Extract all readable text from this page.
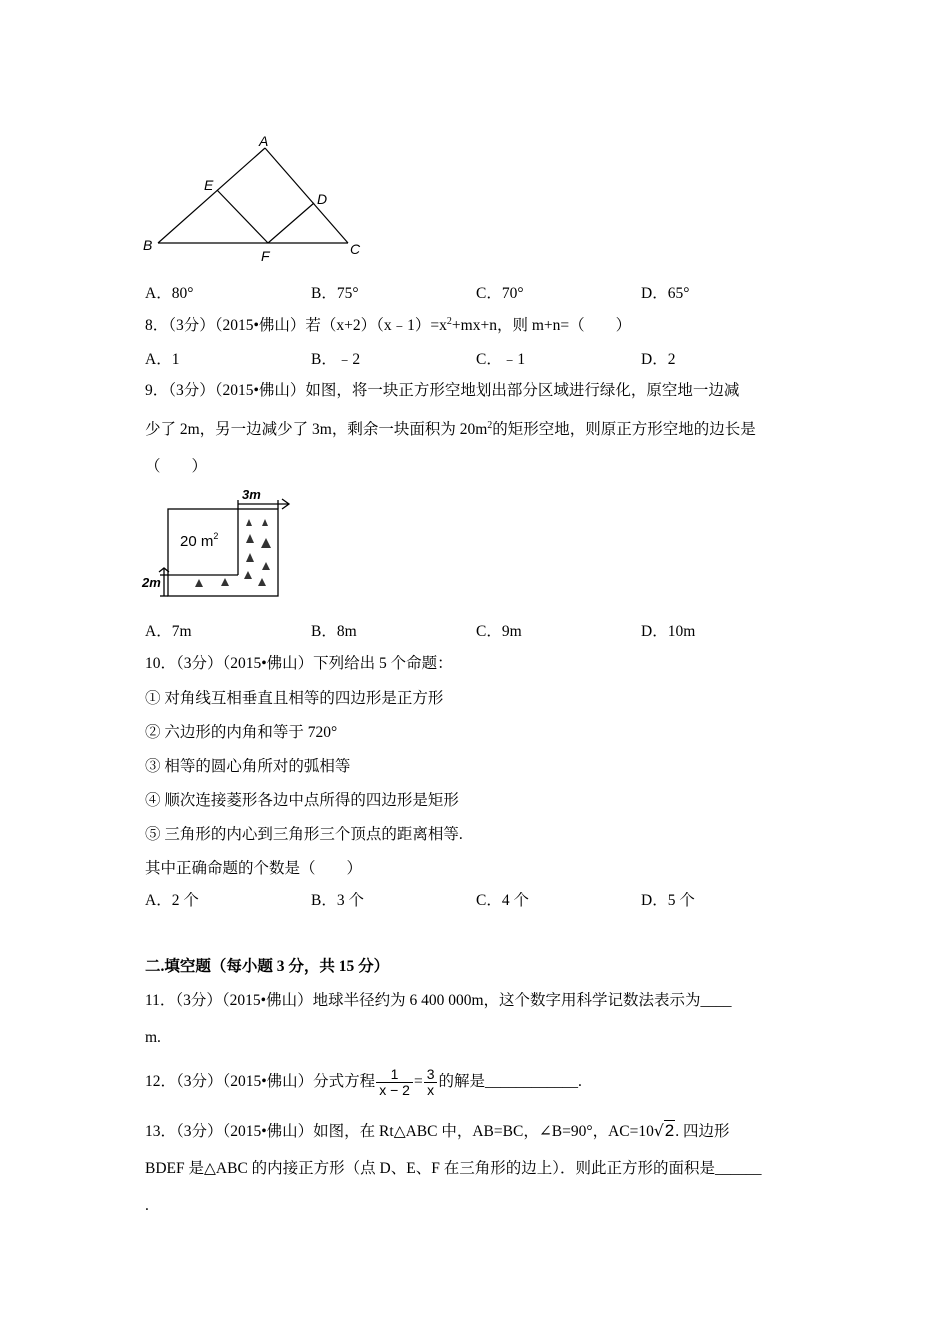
A
E
D
B	C
F
A．80°	B．75°	C．70°	D．65°
8．（3分）（2015•佛山）若$(x+2)(x﹣1)=x^2+mx+n$，则 m+n=（　　）
A．1	B．﹣2	C．﹣1	D．2
9．（3分）（2015•佛山）如图，将一块正方形空地划出部分区域进行绿化，原空地一边减
少了 2m，另一边减少了 3m，剩余一块面积为 $20m^2$的矩形空地，则原正方形空地的边长是
（　　）
3m
20 $m^2$
2m
A．7m	B．8m	C．9m	D．10m
10．（3分）（2015•佛山）下列给出 5 个命题：
① 对角线互相垂直且相等的四边形是正方形
② 六边形的内角和等于 720°
③ 相等的圆心角所对的弧相等
④ 顺次连接菱形各边中点所得的四边形是矩形
⑤ 三角形的内心到三角形三个顶点的距离相等.
其中正确命题的个数是（　　）
A．2 个	B．3 个	C．4 个	D．5 个
二.填空题（每小题 3 分，共 15 分）
11．（3分）（2015•佛山）地球半径约为 6 400 000m，这个数字用科学记数法表示为____
m.
12．（3分）（2015•佛山）分式方程 $\frac{1}{x - 2} = \frac{3}{x}$ 的解是____________.
13．（3分）（2015•佛山）如图，在 Rt△ABC 中，AB=BC，∠B=90°，AC=10√2. 四边形
BDEF 是△ABC 的内接正方形（点 D、E、F 在三角形的边上）．则此正方形的面积是______
.
